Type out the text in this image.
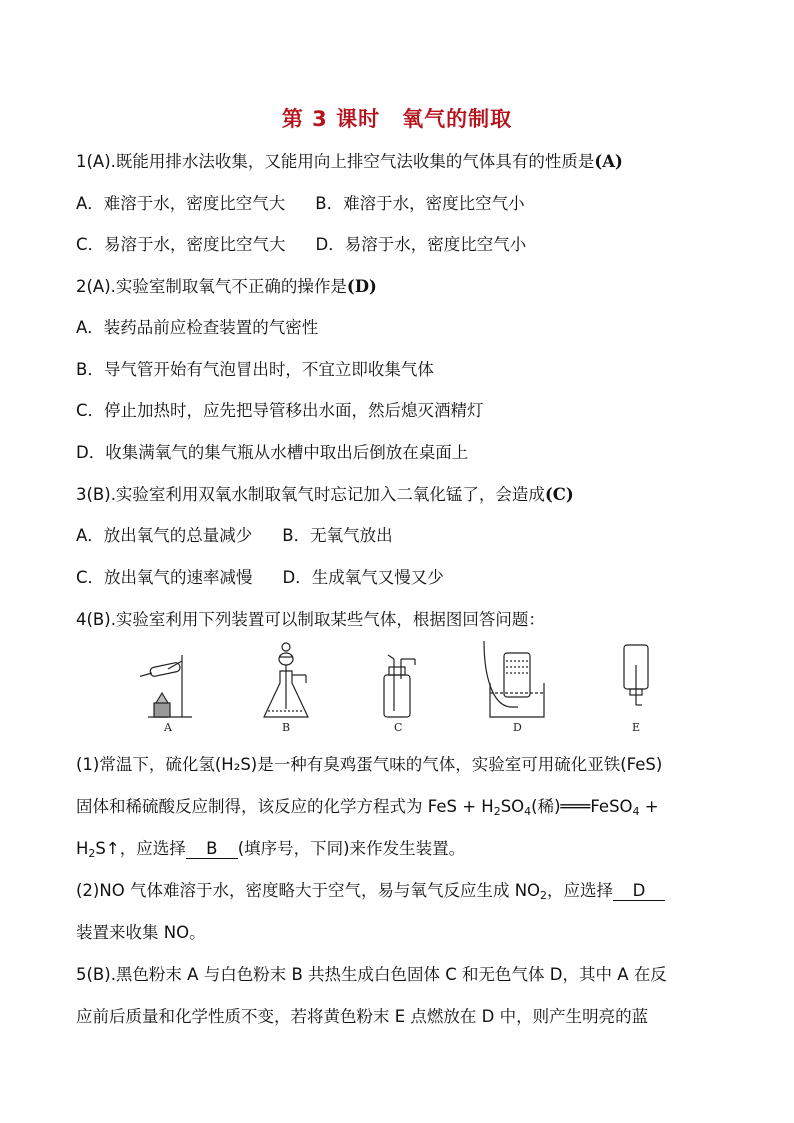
第 3 课时　氧气的制取
1(A).既能用排水法收集，又能用向上排空气法收集的气体具有的性质是(A)
A．难溶于水，密度比空气大 B．难溶于水，密度比空气小
C．易溶于水，密度比空气大 D．易溶于水，密度比空气小
2(A).实验室制取氧气不正确的操作是(D)
A．装药品前应检查装置的气密性
B．导气管开始有气泡冒出时，不宜立即收集气体
C．停止加热时，应先把导管移出水面，然后熄灭酒精灯
D．收集满氧气的集气瓶从水槽中取出后倒放在桌面上
3(B).实验室利用双氧水制取氧气时忘记加入二氧化锰了，会造成(C)
A．放出氧气的总量减少 B．无氧气放出
C．放出氧气的速率减慢 D．生成氧气又慢又少
4(B).实验室利用下列装置可以制取某些气体，根据图回答问题：
A	B	C	D	E
(1)常温下，硫化氢(H₂S)是一种有臭鸡蛋气味的气体，实验室可用硫化亚铁(FeS)
固体和稀硫酸反应制得，该反应的化学方程式为 FeS + $H_2SO_4$(稀)═══FeSO$_4$ +
$H_2S↑$，应选择 B (填序号，下同)来作发生装置。
(2)NO 气体难溶于水，密度略大于空气，易与氧气反应生成 $NO_2$，应选择 D
装置来收集 NO。
5(B).黑色粉末 A 与白色粉末 B 共热生成白色固体 C 和无色气体 D，其中 A 在反
应前后质量和化学性质不变，若将黄色粉末 E 点燃放在 D 中，则产生明亮的蓝
